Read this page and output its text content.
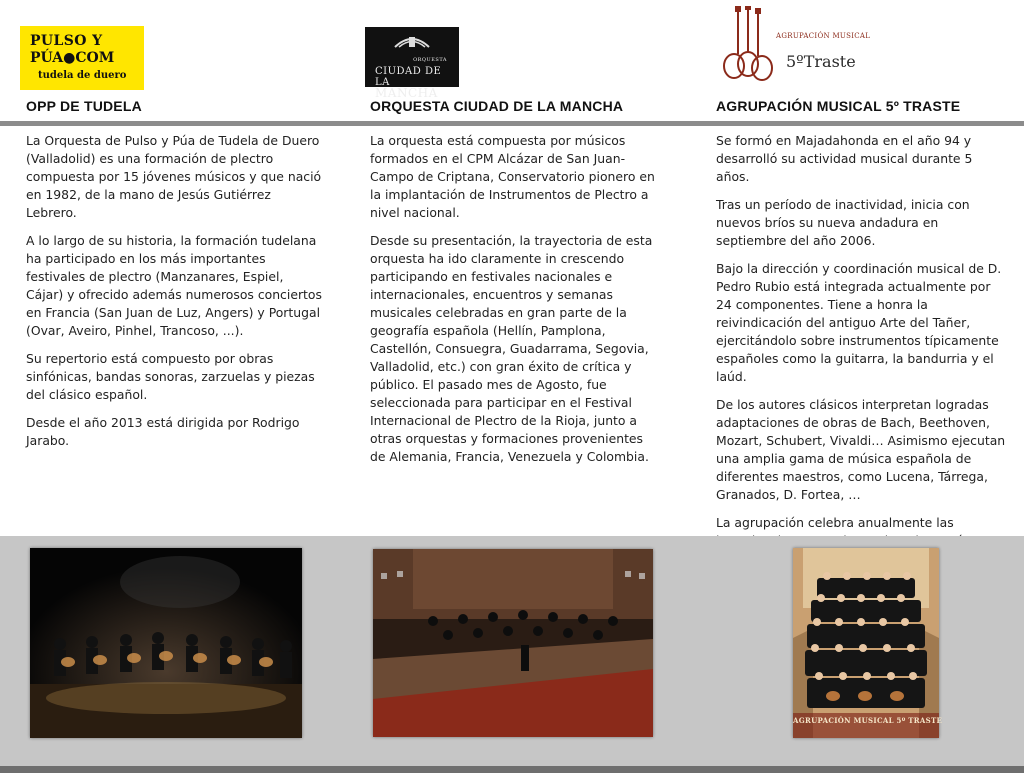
PULSO Y
PÚA●COM
tudela de duero
ORQUESTA
CIUDAD DE LA
MANCHA
AGRUPACIÓN MUSICAL
5ºTraste
OPP DE TUDELA	ORQUESTA CIUDAD DE LA MANCHA	AGRUPACIÓN MUSICAL 5º TRASTE

La Orquesta de Pulso y Púa de Tudela de Duero (Valladolid) es una formación de plectro compuesta por 15 jóvenes músicos y que nació en 1982, de la mano de Jesús Gutiérrez Lebrero.

A lo largo de su historia, la formación tudelana ha participado en los más importantes festivales de plectro (Manzanares, Espiel, Cájar) y ofrecido además numerosos conciertos en Francia (San Juan de Luz, Angers) y Portugal (Ovar, Aveiro, Pinhel, Trancoso, ...).

Su repertorio está compuesto por obras sinfónicas, bandas sonoras, zarzuelas y piezas del clásico español.

Desde el año 2013 está dirigida por Rodrigo Jarabo.

La orquesta está compuesta por músicos formados en el CPM Alcázar de San Juan-Campo de Criptana, Conservatorio pionero en la implantación de Instrumentos de Plectro a nivel nacional.

Desde su presentación, la trayectoria de esta orquesta ha ido claramente in crescendo participando en festivales nacionales e internacionales, encuentros y semanas musicales celebradas en gran parte de la geografía española (Hellín, Pamplona, Castellón, Consuegra, Guadarrama, Segovia, Valladolid, etc.) con gran éxito de crítica y público. El pasado mes de Agosto, fue seleccionada para participar en el Festival Internacional de Plectro de la Rioja, junto a otras orquestas y formaciones provenientes de Alemania, Francia, Venezuela y Colombia.

Se formó en Majadahonda en el año 94 y desarrolló su actividad musical durante 5 años.

Tras un período de inactividad, inicia con nuevos bríos su nueva andadura en septiembre del año 2006.

Bajo la dirección y coordinación musical de D. Pedro Rubio está integrada actualmente por 24 componentes. Tiene a honra la reivindicación del antiguo Arte del Tañer, ejercitándolo sobre instrumentos típicamente españoles como la guitarra, la bandurria y el laúd.

De los autores clásicos interpretan logradas adaptaciones de obras de Bach, Beethoven, Mozart, Schubert, Vivaldi… Asimismo ejecutan una amplia gama de música española de diferentes maestros, como Lucena, Tárrega, Granados, D. Fortea, …

La agrupación celebra anualmente las

AGRUPACIÓN MUSICAL 5º TRASTE
